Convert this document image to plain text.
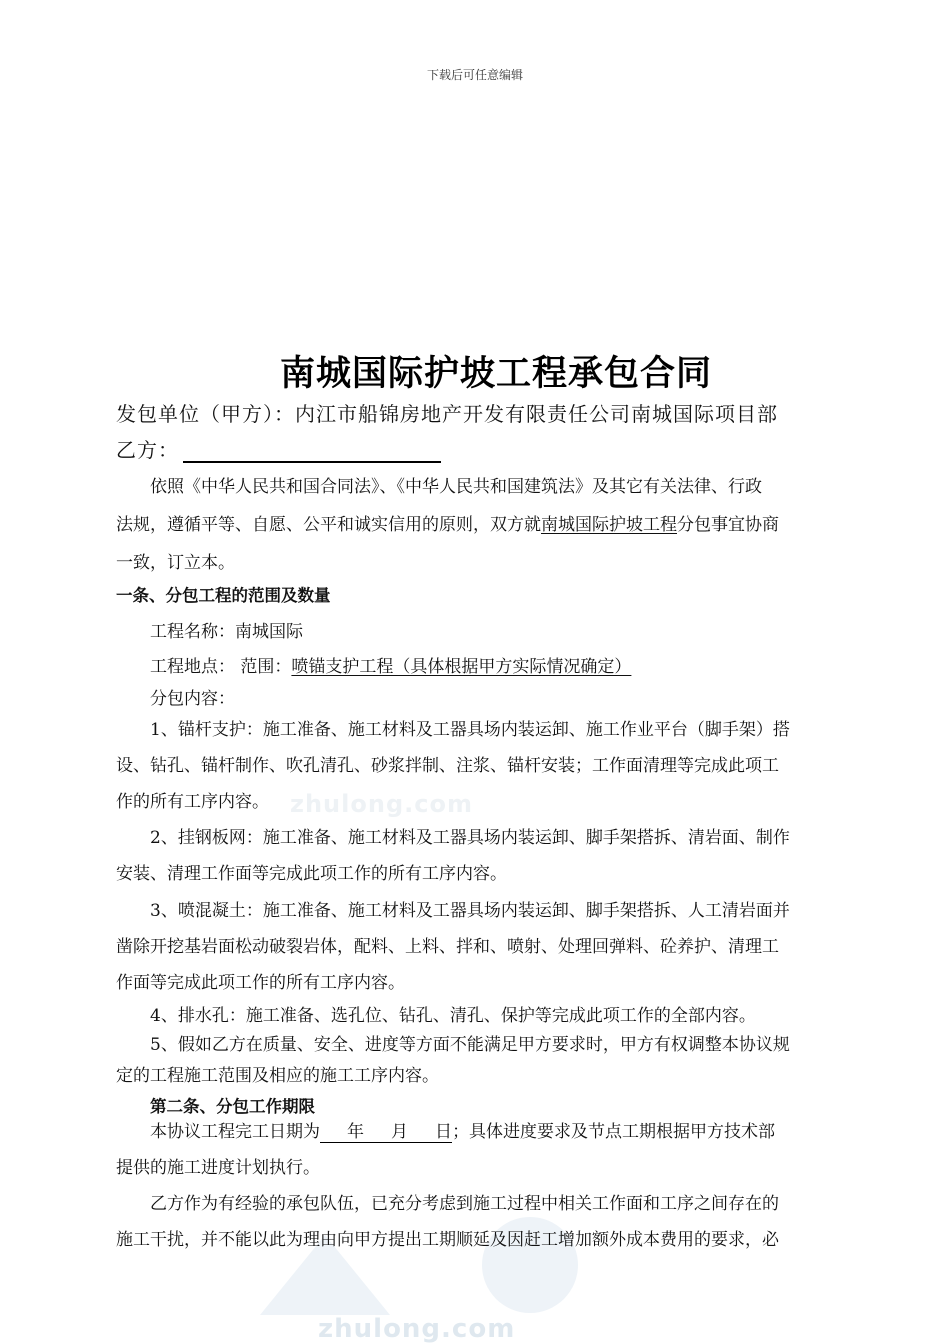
zhulong.com
zhulong.com
下载后可任意编辑
南城国际护坡工程承包合同
发包单位（甲方）：内江市船锦房地产开发有限责任公司南城国际项目部
乙方：
依照《中华人民共和国合同法》、《中华人民共和国建筑法》及其它有关法律、行政
法规，遵循平等、自愿、公平和诚实信用的原则，双方就南城国际护坡工程分包事宜协商
一致，订立本。
一条、分包工程的范围及数量
工程名称：南城国际
工程地点： 范围：喷锚支护工程（具体根据甲方实际情况确定）
分包内容：
1、锚杆支护：施工准备、施工材料及工器具场内装运卸、施工作业平台（脚手架）搭
设、钻孔、锚杆制作、吹孔清孔、砂浆拌制、注浆、锚杆安装；工作面清理等完成此项工
作的所有工序内容。
2、挂钢板网：施工准备、施工材料及工器具场内装运卸、脚手架搭拆、清岩面、制作
安装、清理工作面等完成此项工作的所有工序内容。
3、喷混凝土：施工准备、施工材料及工器具场内装运卸、脚手架搭拆、人工清岩面并
凿除开挖基岩面松动破裂岩体，配料、上料、拌和、喷射、处理回弹料、砼养护、清理工
作面等完成此项工作的所有工序内容。
4、排水孔：施工准备、选孔位、钻孔、清孔、保护等完成此项工作的全部内容。
5、假如乙方在质量、安全、进度等方面不能满足甲方要求时，甲方有权调整本协议规
定的工程施工范围及相应的施工工序内容。
第二条、分包工作期限
本协议工程完工日期为     年     月     日；具体进度要求及节点工期根据甲方技术部
提供的施工进度计划执行。
乙方作为有经验的承包队伍，已充分考虑到施工过程中相关工作面和工序之间存在的
施工干扰，并不能以此为理由向甲方提出工期顺延及因赶工增加额外成本费用的要求，必
